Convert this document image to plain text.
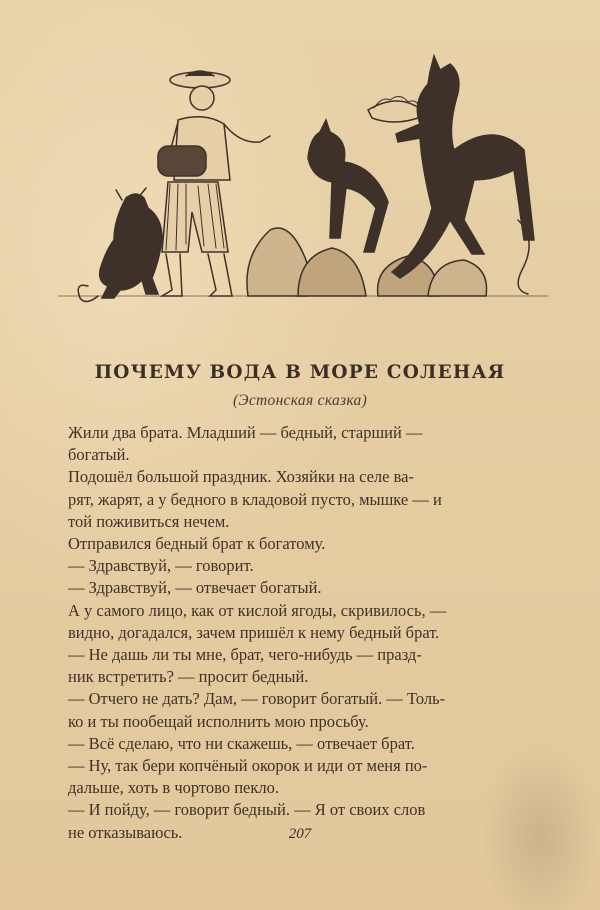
ПОЧЕМУ ВОДА В МОРЕ СОЛЕНАЯ
(Эстонская сказка)
Жили два брата. Младший — бедный, старший —
богатый.
Подошёл большой праздник. Хозяйки на селе ва-
рят, жарят, а у бедного в кладовой пусто, мышке — и
той поживиться нечем.
Отправился бедный брат к богатому.
— Здравствуй, — говорит.
— Здравствуй, — отвечает богатый.
А у самого лицо, как от кислой ягоды, скривилось, —
видно, догадался, зачем пришёл к нему бедный брат.
— Не дашь ли ты мне, брат, чего-нибудь — празд-
ник встретить? — просит бедный.
— Отчего не дать? Дам, — говорит богатый. — Толь-
ко и ты пообещай исполнить мою просьбу.
— Всё сделаю, что ни скажешь, — отвечает брат.
— Ну, так бери копчёный окорок и иди от меня по-
дальше, хоть в чортово пекло.
— И пойду, — говорит бедный. — Я от своих слов
не отказываюсь.	207
